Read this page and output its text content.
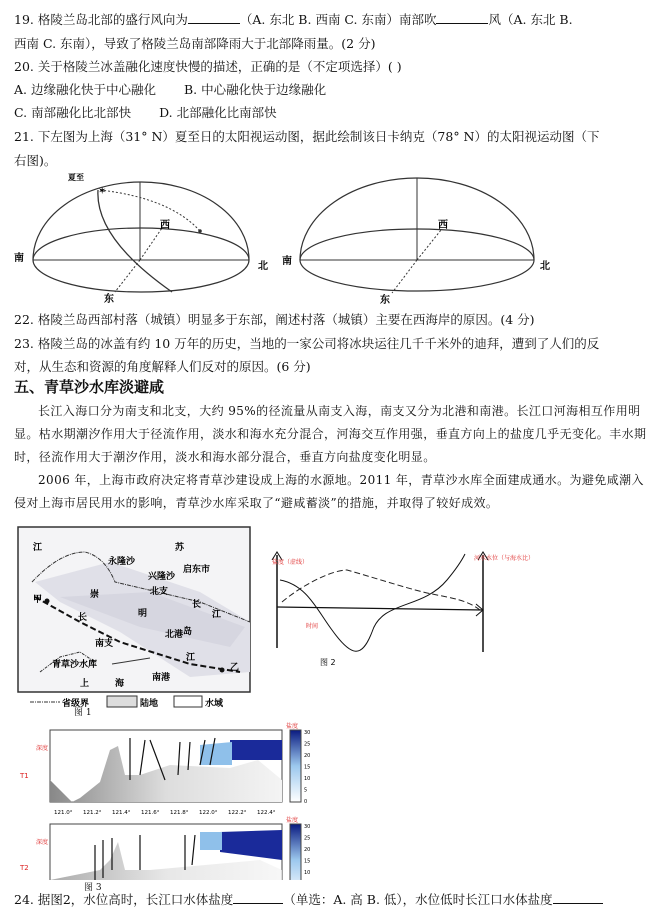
19. 格陵兰岛北部的盛行风向为	（A. 东北 B. 西南 C. 东南）南部吹	风（A. 东北 B.
西南 C. 东南），导致了格陵兰岛南部降雨大于北部降雨量。(2 分)
20. 关于格陵兰冰盖融化速度快慢的描述，正确的是（不定项选择）( )
A. 边缘融化快于中心融化 B. 中心融化快于边缘融化
C. 南部融化比北部快 D. 北部融化比南部快
21. 下左图为上海（31° N）夏至日的太阳视运动图，据此绘制该日卡纳克（78° N）的太阳视运动图（下
右图)。
✶
夏至
南
北
东
西
南	北
东
西
22. 格陵兰岛西部村落（城镇）明显多于东部，阐述村落（城镇）主要在西海岸的原因。(4 分)
23. 格陵兰岛的冰盖有约 10 万年的历史，当地的一家公司将冰块运往几千千米外的迪拜，遭到了人们的反
对，从生态和资源的角度解释人们反对的原因。(6 分)
五、青草沙水库淡避咸
长江入海口分为南支和北支，大约 95%的径流量从南支入海，南支又分为北港和南港。长江口河海相互作用明显。枯水期潮汐作用大于径流作用，淡水和海水充分混合，河海交互作用强，垂直方向上的盐度几乎无变化。丰水期时，径流作用大于潮汐作用，淡水和海水部分混合，垂直方向盐度变化明显。
2006 年，上海市政府决定将青草沙建设成上海的水源地。2011 年，青草沙水库全面建成通水。为避免咸潮入侵对上海市居民用水的影响，青草沙水库采取了“避咸蓄淡”的措施，并取得了较好成效。
江	苏
永隆沙
兴隆沙
启东市
北支
崇
明
岛
长
长
江
江
甲
乙
南支
北港
南港
青草沙水库
上	海
省级界	陆地	水域
图 1
盐度（虚线）
河水水位（与海水比）
时间
图 2
深度
深度
盐度
盐度
T1
T2
121.0° 121.2° 121.4° 121.6° 121.8° 122.0° 122.2° 122.4°
30
25
20
15
10
5
0
30
25
20
15
10
图 3
24. 据图2，水位高时，长江口水体盐度	（单选：A. 高 B. 低），水位低时长江口水体盐度
